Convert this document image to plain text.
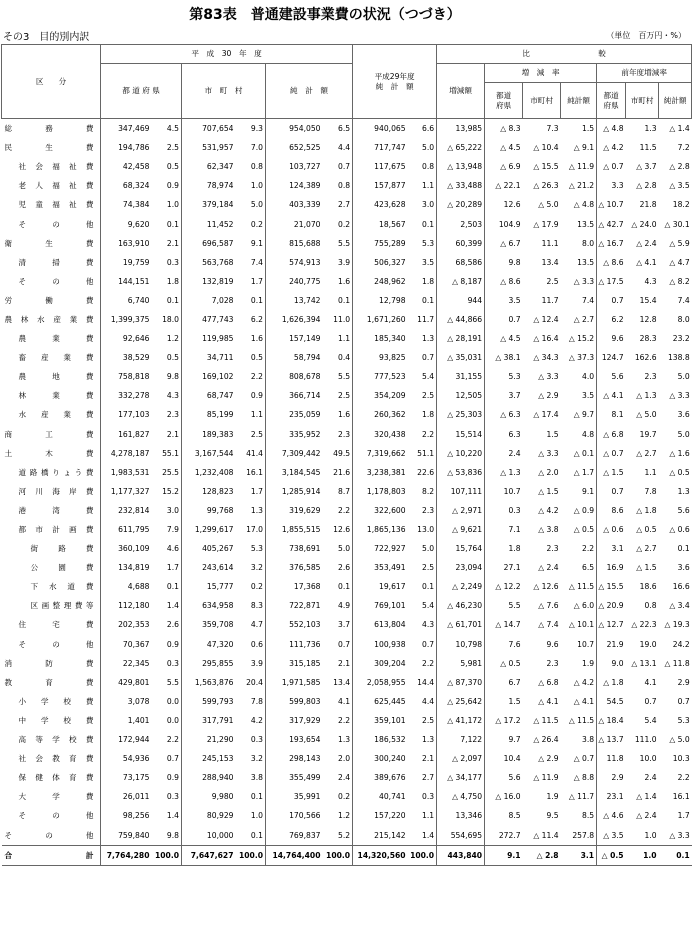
第83表　普通建設事業費の状況（つづき）
その3　目的別内訳	（単位　百万円・%）
区　　分	平　成　30　年　度						平成29年度
純　計　額		比　　　　　　　　　較						
	都 道 府 県		市　町　村		純　計　額				増減額	増　減　率			前年度増減率		
										都道
府県	市町村	純計額	都道
府県	市町村	純計額

総　務　費	347,469	4.5	707,654	9.3	954,050	6.5	940,065	6.6	13,985	△ 8.3	7.3	1.5	△ 4.8	1.3	△ 1.4

民　生　費	194,786	2.5	531,957	7.0	652,525	4.4	717,747	5.0	△ 65,222	△ 4.5	△ 10.4	△ 9.1	△ 4.2	11.5	7.2

社会福祉費	42,458	0.5	62,347	0.8	103,727	0.7	117,675	0.8	△ 13,948	△ 6.9	△ 15.5	△ 11.9	△ 0.7	△ 3.7	△ 2.8

老人福祉費	68,324	0.9	78,974	1.0	124,389	0.8	157,877	1.1	△ 33,488	△ 22.1	△ 26.3	△ 21.2	3.3	△ 2.8	△ 3.5

児童福祉費	74,384	1.0	379,184	5.0	403,339	2.7	423,628	3.0	△ 20,289	12.6	△ 5.0	△ 4.8	△ 10.7	21.8	18.2

そ　の　他	9,620	0.1	11,452	0.2	21,070	0.2	18,567	0.1	2,503	104.9	△ 17.9	13.5	△ 42.7	△ 24.0	△ 30.1

衛　生　費	163,910	2.1	696,587	9.1	815,688	5.5	755,289	5.3	60,399	△ 6.7	11.1	8.0	△ 16.7	△ 2.4	△ 5.9

清　掃　費	19,759	0.3	563,768	7.4	574,913	3.9	506,327	3.5	68,586	9.8	13.4	13.5	△ 8.6	△ 4.1	△ 4.7

そ　の　他	144,151	1.8	132,819	1.7	240,775	1.6	248,962	1.8	△ 8,187	△ 8.6	2.5	△ 3.3	△ 17.5	4.3	△ 8.2

労　働　費	6,740	0.1	7,028	0.1	13,742	0.1	12,798	0.1	944	3.5	11.7	7.4	0.7	15.4	7.4

農林水産業費	1,399,375	18.0	477,743	6.2	1,626,394	11.0	1,671,260	11.7	△ 44,866	0.7	△ 12.4	△ 2.7	6.2	12.8	8.0

農　業　費	92,646	1.2	119,985	1.6	157,149	1.1	185,340	1.3	△ 28,191	△ 4.5	△ 16.4	△ 15.2	9.6	28.3	23.2

畜産業費	38,529	0.5	34,711	0.5	58,794	0.4	93,825	0.7	△ 35,031	△ 38.1	△ 34.3	△ 37.3	124.7	162.6	138.8

農　地　費	758,818	9.8	169,102	2.2	808,678	5.5	777,523	5.4	31,155	5.3	△ 3.3	4.0	5.6	2.3	5.0

林　業　費	332,278	4.3	68,747	0.9	366,714	2.5	354,209	2.5	12,505	3.7	△ 2.9	3.5	△ 4.1	△ 1.3	△ 3.3

水産業費	177,103	2.3	85,199	1.1	235,059	1.6	260,362	1.8	△ 25,303	△ 6.3	△ 17.4	△ 9.7	8.1	△ 5.0	3.6

商　工　費	161,827	2.1	189,383	2.5	335,952	2.3	320,438	2.2	15,514	6.3	1.5	4.8	△ 6.8	19.7	5.0

土　木　費	4,278,187	55.1	3,167,544	41.4	7,309,442	49.5	7,319,662	51.1	△ 10,220	2.4	△ 3.3	△ 0.1	△ 0.7	△ 2.7	△ 1.6

道路橋りょう費	1,983,531	25.5	1,232,408	16.1	3,184,545	21.6	3,238,381	22.6	△ 53,836	△ 1.3	△ 2.0	△ 1.7	△ 1.5	1.1	△ 0.5

河川海岸費	1,177,327	15.2	128,823	1.7	1,285,914	8.7	1,178,803	8.2	107,111	10.7	△ 1.5	9.1	0.7	7.8	1.3

港　湾　費	232,814	3.0	99,768	1.3	319,629	2.2	322,600	2.3	△ 2,971	0.3	△ 4.2	△ 0.9	8.6	△ 1.8	5.6

都市計画費	611,795	7.9	1,299,617	17.0	1,855,515	12.6	1,865,136	13.0	△ 9,621	7.1	△ 3.8	△ 0.5	△ 0.6	△ 0.5	△ 0.6

街　路　費	360,109	4.6	405,267	5.3	738,691	5.0	722,927	5.0	15,764	1.8	2.3	2.2	3.1	△ 2.7	0.1

公　園　費	134,819	1.7	243,614	3.2	376,585	2.6	353,491	2.5	23,094	27.1	△ 2.4	6.5	16.9	△ 1.5	3.6

下水道費	4,688	0.1	15,777	0.2	17,368	0.1	19,617	0.1	△ 2,249	△ 12.2	△ 12.6	△ 11.5	△ 15.5	18.6	16.6

区画整理費等	112,180	1.4	634,958	8.3	722,871	4.9	769,101	5.4	△ 46,230	5.5	△ 7.6	△ 6.0	△ 20.9	0.8	△ 3.4

住　宅　費	202,353	2.6	359,708	4.7	552,103	3.7	613,804	4.3	△ 61,701	△ 14.7	△ 7.4	△ 10.1	△ 12.7	△ 22.3	△ 19.3

そ　の　他	70,367	0.9	47,320	0.6	111,736	0.7	100,938	0.7	10,798	7.6	9.6	10.7	21.9	19.0	24.2

消　防　費	22,345	0.3	295,855	3.9	315,185	2.1	309,204	2.2	5,981	△ 0.5	2.3	1.9	9.0	△ 13.1	△ 11.8

教　育　費	429,801	5.5	1,563,876	20.4	1,971,585	13.4	2,058,955	14.4	△ 87,370	6.7	△ 6.8	△ 4.2	△ 1.8	4.1	2.9

小学校費	3,078	0.0	599,793	7.8	599,803	4.1	625,445	4.4	△ 25,642	1.5	△ 4.1	△ 4.1	54.5	0.7	0.7

中学校費	1,401	0.0	317,791	4.2	317,929	2.2	359,101	2.5	△ 41,172	△ 17.2	△ 11.5	△ 11.5	△ 18.4	5.4	5.3

高等学校費	172,944	2.2	21,290	0.3	193,654	1.3	186,532	1.3	7,122	9.7	△ 26.4	3.8	△ 13.7	111.0	△ 5.0

社会教育費	54,936	0.7	245,153	3.2	298,143	2.0	300,240	2.1	△ 2,097	10.4	△ 2.9	△ 0.7	11.8	10.0	10.3

保健体育費	73,175	0.9	288,940	3.8	355,499	2.4	389,676	2.7	△ 34,177	5.6	△ 11.9	△ 8.8	2.9	2.4	2.2

大　学　費	26,011	0.3	9,980	0.1	35,991	0.2	40,741	0.3	△ 4,750	△ 16.0	1.9	△ 11.7	23.1	△ 1.4	16.1

そ　の　他	98,256	1.4	80,929	1.0	170,566	1.2	157,220	1.1	13,346	8.5	9.5	8.5	△ 4.6	△ 2.4	1.7

そ　の　他	759,840	9.8	10,000	0.1	769,837	5.2	215,142	1.4	554,695	272.7	△ 11.4	257.8	△ 3.5	1.0	△ 3.3

合　　　計	7,764,280	100.0	7,647,627	100.0	14,764,400	100.0	14,320,560	100.0	443,840	9.1	△ 2.8	3.1	△ 0.5	1.0	0.1
